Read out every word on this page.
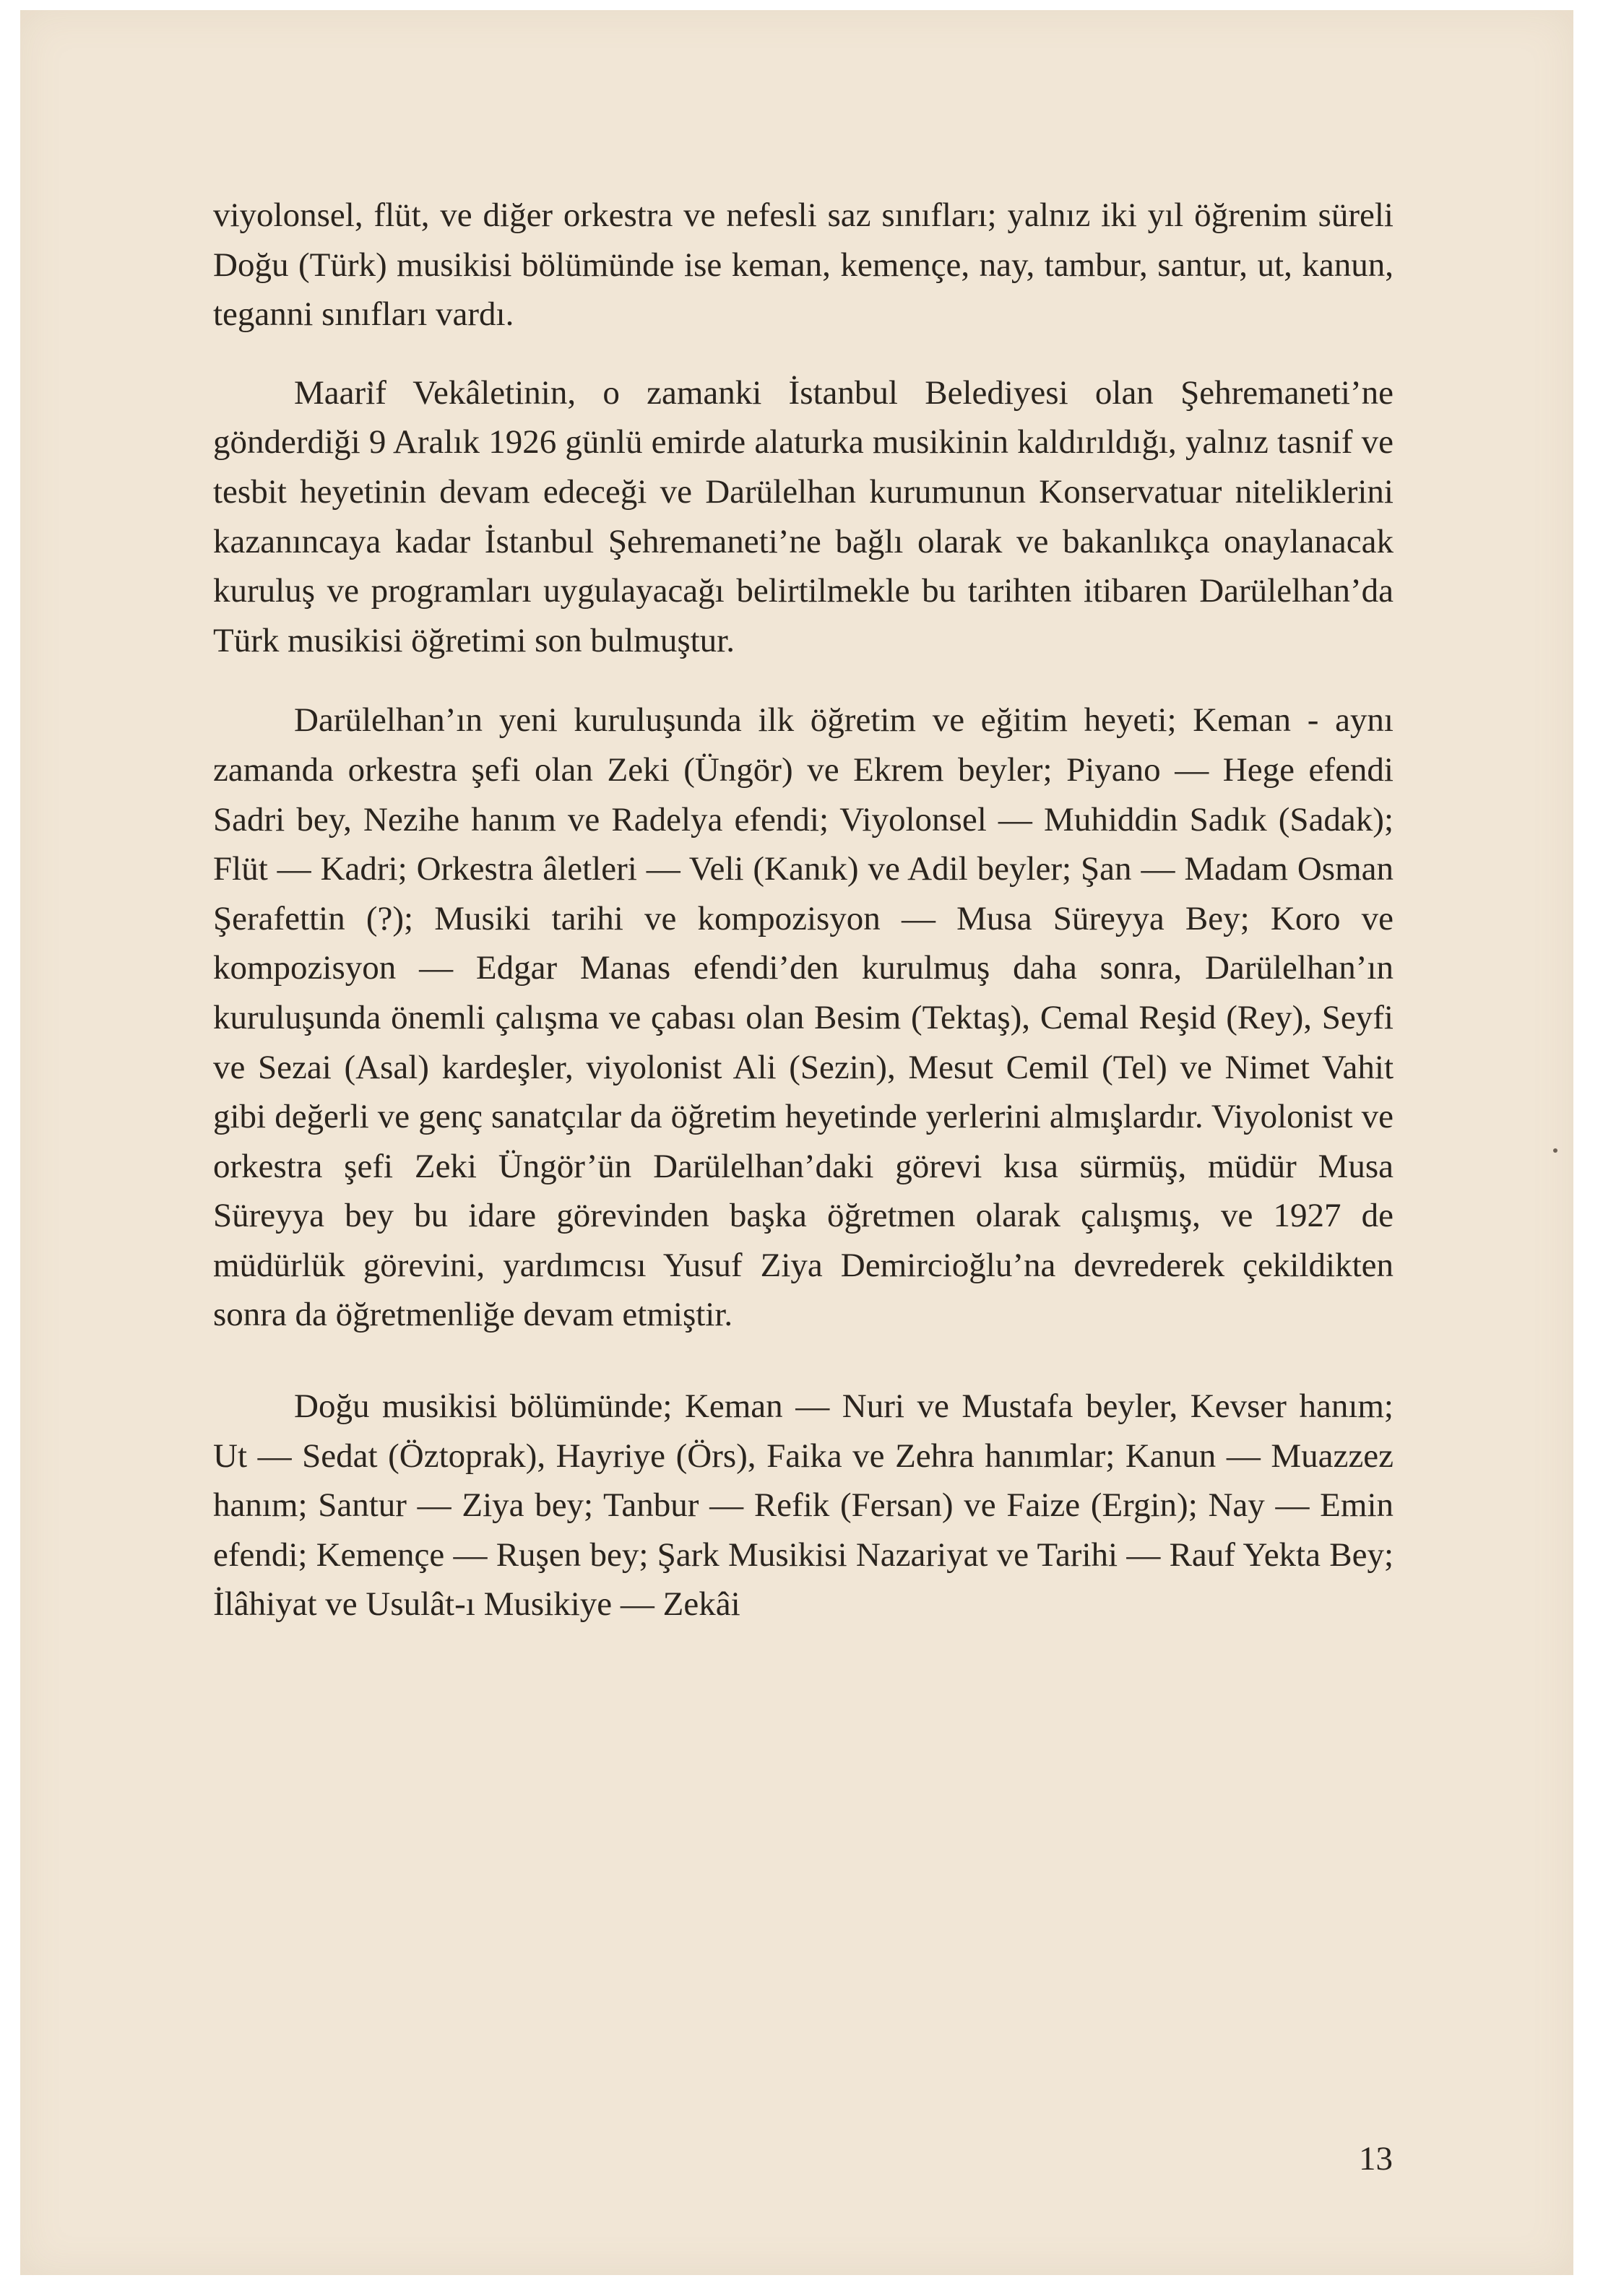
viyolonsel, flüt, ve diğer orkestra ve nefesli saz sınıfları; yalnız iki yıl öğrenim süreli Doğu (Türk) musikisi bölümünde ise keman, kemençe, nay, tambur, santur, ut, kanun, teganni sınıfları vardı.

Maarif Vekâletinin, o zamanki İstanbul Belediyesi olan Şehremaneti’ne gönderdiği 9 Aralık 1926 günlü emirde alaturka musikinin kaldırıldığı, yalnız tasnif ve tesbit heyetinin devam edeceği ve Darülelhan kurumunun Konservatuar niteliklerini kazanıncaya kadar İstanbul Şehremaneti’ne bağlı olarak ve bakanlıkça onaylanacak kuruluş ve programları uygulayacağı belirtilmekle bu tarihten itibaren Darülelhan’da Türk musikisi öğretimi son bulmuştur.

Darülelhan’ın yeni kuruluşunda ilk öğretim ve eğitim heyeti; Keman - aynı zamanda orkestra şefi olan Zeki (Üngör) ve Ekrem beyler; Piyano — Hege efendi Sadri bey, Nezihe hanım ve Radelya efendi; Viyolonsel — Muhiddin Sadık (Sadak); Flüt — Kadri; Orkestra âletleri — Veli (Kanık) ve Adil beyler; Şan — Madam Osman Şerafettin (?); Musiki tarihi ve kompozisyon — Musa Süreyya Bey; Koro ve kompozisyon — Edgar Manas efendi’den kurulmuş daha sonra, Darülelhan’ın kuruluşunda önemli çalışma ve çabası olan Besim (Tektaş), Cemal Reşid (Rey), Seyfi ve Sezai (Asal) kardeşler, viyolonist Ali (Sezin), Mesut Cemil (Tel) ve Nimet Vahit gibi değerli ve genç sanatçılar da öğretim heyetinde yerlerini almışlardır. Viyolonist ve orkestra şefi Zeki Üngör’ün Darülelhan’daki görevi kısa sürmüş, müdür Musa Süreyya bey bu idare görevinden başka öğretmen olarak çalışmış, ve 1927 de müdürlük görevini, yardımcısı Yusuf Ziya Demircioğlu’na devrederek çekildikten sonra da öğretmenliğe devam etmiştir.

Doğu musikisi bölümünde; Keman — Nuri ve Mustafa beyler, Kevser hanım; Ut — Sedat (Öztoprak), Hayriye (Örs), Faika ve Zehra hanımlar; Kanun — Muazzez hanım; Santur — Ziya bey; Tanbur — Refik (Fersan) ve Faize (Ergin); Nay — Emin efendi; Kemençe — Ruşen bey; Şark Musikisi Nazariyat ve Tarihi — Rauf Yekta Bey; İlâhiyat ve Usulât-ı Musikiye — Zekâi

13
